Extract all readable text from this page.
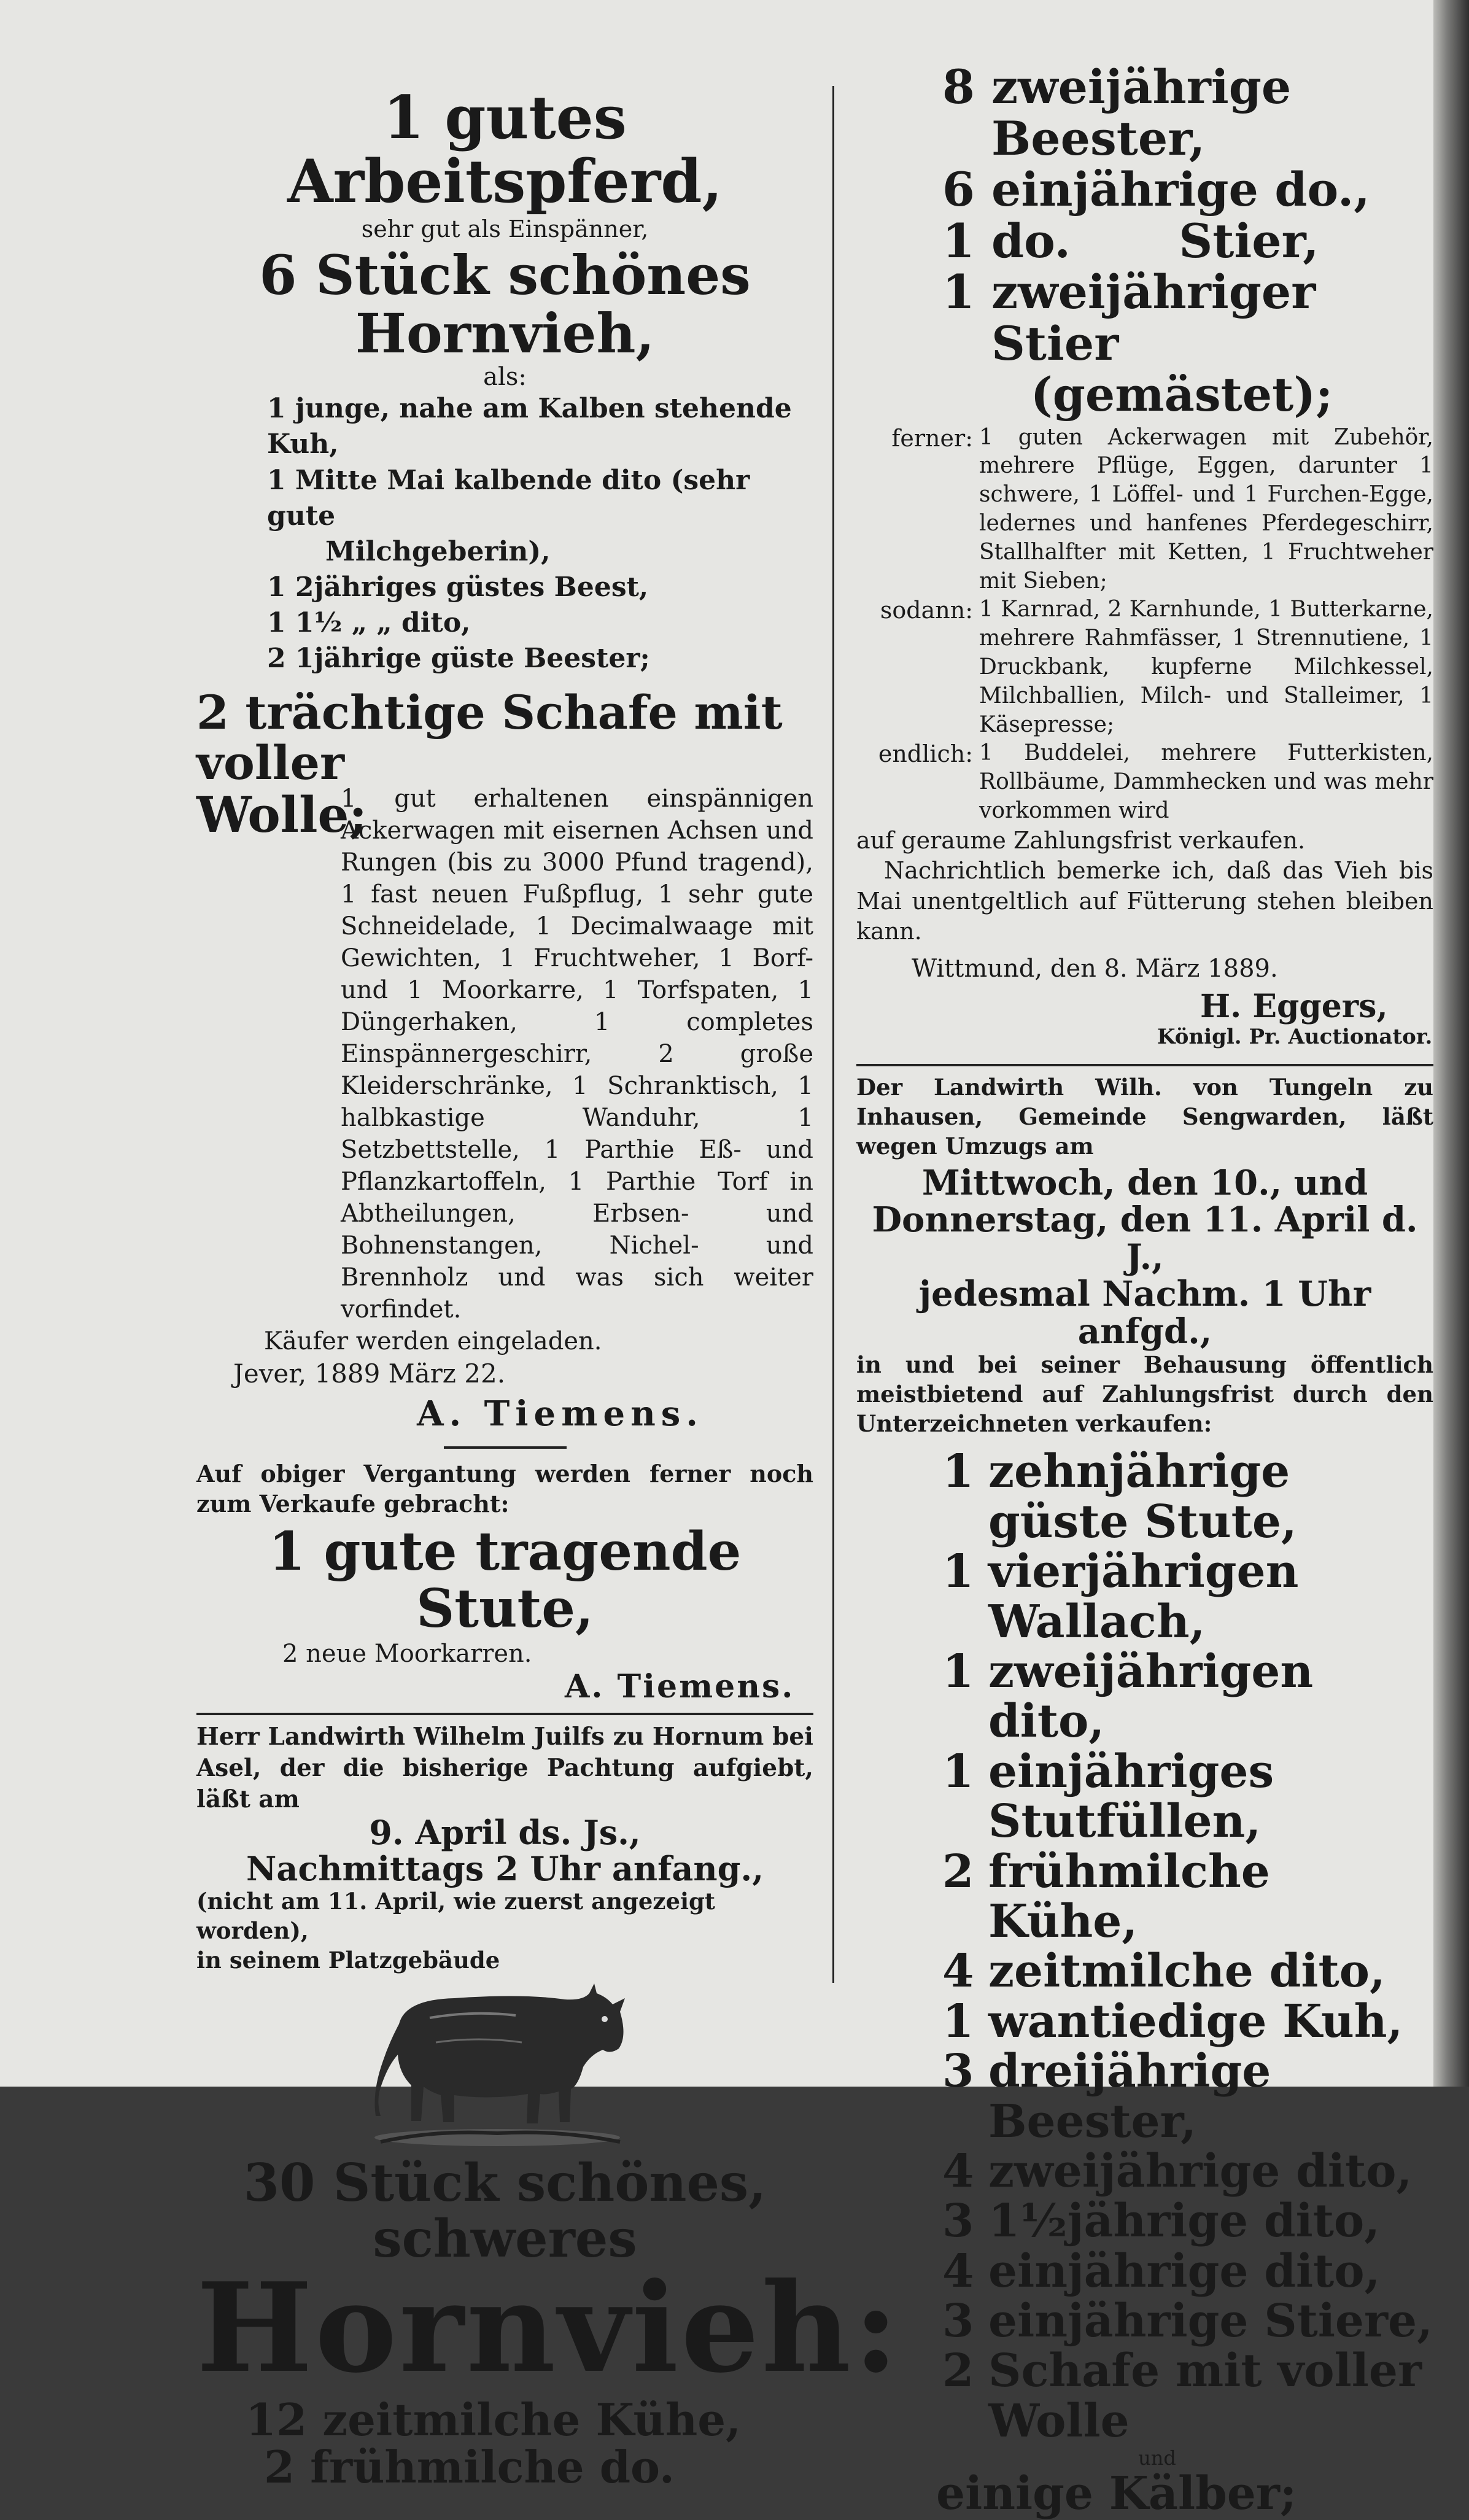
1 gutes Arbeitspferd,
sehr gut als Einspänner,
6 Stück schönes Hornvieh,
als:
1 junge, nahe am Kalben stehende Kuh,
1 Mitte Mai kalbende dito (sehr gute
Milchgeberin),
1 2jähriges güstes Beest,
1 1½ „ „ dito,
2 1jährige güste Beester;
2 trächtige Schafe mit voller
Wolle;
1 gut erhaltenen einspännigen Ackerwagen mit eisernen Achsen und Rungen (bis zu 3000 Pfund tragend), 1 fast neuen Fußpflug, 1 sehr gute Schneidelade, 1 Decimalwaage mit Gewichten, 1 Fruchtweher, 1 Borf- und 1 Moorkarre, 1 Torfspaten, 1 Düngerhaken, 1 completes Einspännergeschirr, 2 große Kleiderschränke, 1 Schranktisch, 1 halbkastige Wanduhr, 1 Setzbettstelle, 1 Parthie Eß- und Pflanzkartoffeln, 1 Parthie Torf in Abtheilungen, Erbsen- und Bohnenstangen, Nichel- und Brennholz und was sich weiter vorfindet.
Käufer werden eingeladen.
Jever, 1889 März 22.
A. Tiemens.
Auf obiger Vergantung werden ferner noch zum Verkaufe gebracht:
1 gute tragende Stute,
2 neue Moorkarren.
A. Tiemens.
Herr Landwirth Wilhelm Juilfs zu Hornum bei Asel, der die bisherige Pachtung aufgiebt, läßt am
9. April ds. Js.,
Nachmittags 2 Uhr anfang.,
(nicht am 11. April, wie zuerst angezeigt worden),
in seinem Platzgebäude
30 Stück schönes, schweres
Hornvieh:
12 zeitmilche Kühe,
2 frühmilche do.
8 zweijährige Beester,
6 einjährige do.,
1 do. Stier,
1 zweijähriger Stier
(gemästet);
ferner: 1 guten Ackerwagen mit Zubehör, mehrere Pflüge, Eggen, darunter 1 schwere, 1 Löffel- und 1 Furchen-Egge, ledernes und hanfenes Pferdegeschirr, Stallhalfter mit Ketten, 1 Fruchtweher mit Sieben;
sodann: 1 Karnrad, 2 Karnhunde, 1 Butterkarne, mehrere Rahmfässer, 1 Strennutiene, 1 Druckbank, kupferne Milchkessel, Milchballien, Milch- und Stalleimer, 1 Käsepresse;
endlich: 1 Buddelei, mehrere Futterkisten, Rollbäume, Dammhecken und was mehr vorkommen wird
auf geraume Zahlungsfrist verkaufen.
Nachrichtlich bemerke ich, daß das Vieh bis Mai unentgeltlich auf Fütterung stehen bleiben kann.
Wittmund, den 8. März 1889.
H. Eggers,
Königl. Pr. Auctionator.
Der Landwirth Wilh. von Tungeln zu Inhausen, Gemeinde Sengwarden, läßt wegen Umzugs am
Mittwoch, den 10., und
Donnerstag, den 11. April d. J.,
jedesmal Nachm. 1 Uhr anfgd.,
in und bei seiner Behausung öffentlich meistbietend auf Zahlungsfrist durch den Unterzeichneten verkaufen:
1 zehnjährige güste Stute,
1 vierjährigen Wallach,
1 zweijährigen dito,
1 einjähriges Stutfüllen,
2 frühmilche Kühe,
4 zeitmilche dito,
1 wantiedige Kuh,
3 dreijährige Beester,
4 zweijährige dito,
3 1½jährige dito,
4 einjährige dito,
3 einjährige Stiere,
2 Schafe mit voller Wolle
und
einige Kälber;
